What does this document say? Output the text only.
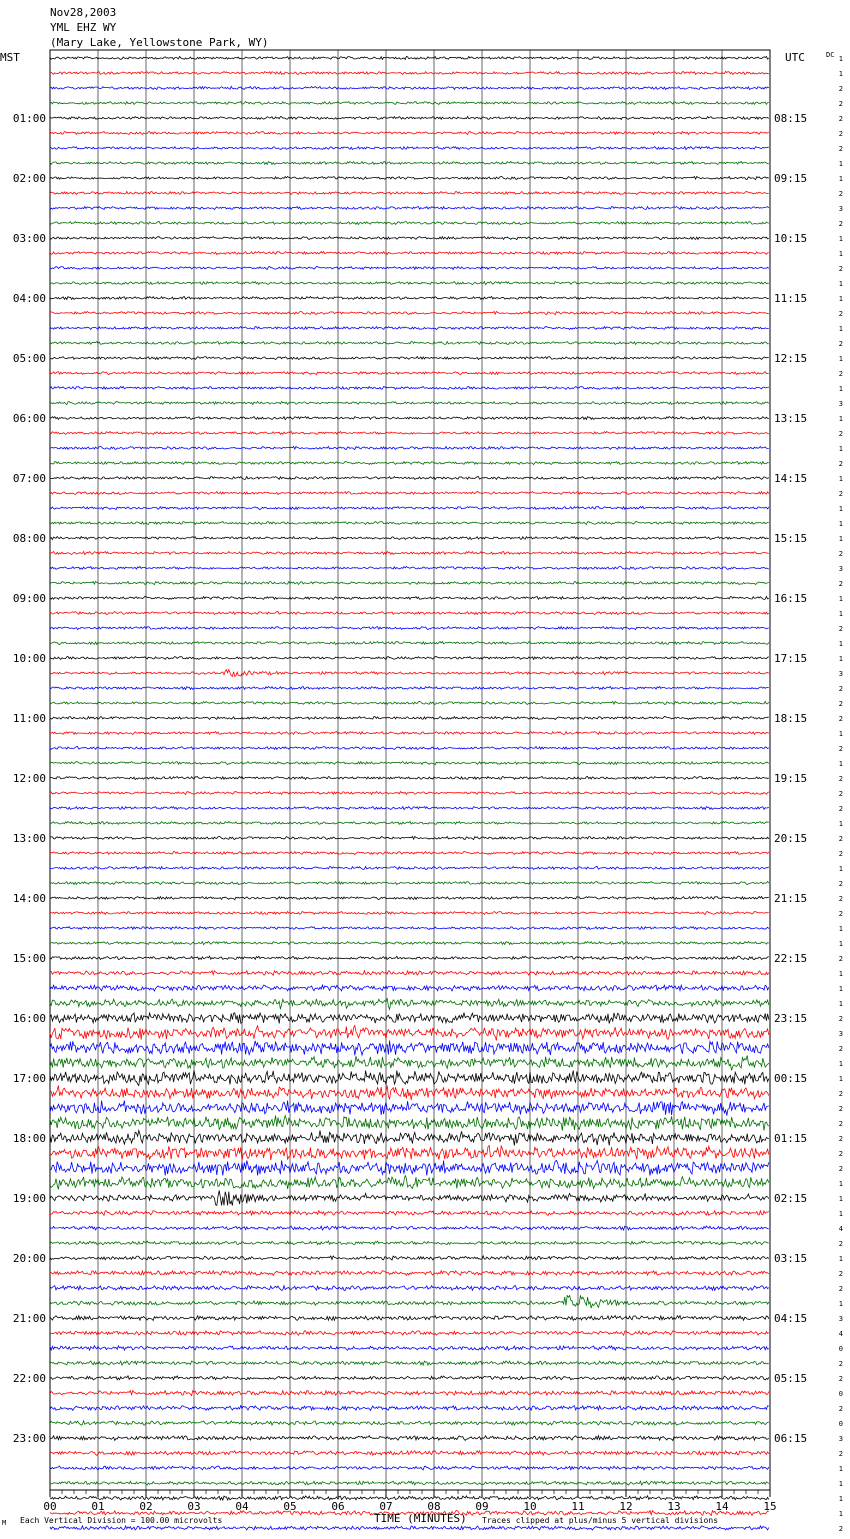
Nov28,2003
YML EHZ WY
(Mary Lake, Yellowstone Park, WY)
MST	UTC	DC
01:00
02:00
03:00
04:00
05:00
06:00
07:00
08:00
09:00
10:00
11:00
12:00
13:00
14:00
15:00
16:00
17:00
18:00
19:00
20:00
21:00
22:00
23:00
08:15
09:15
10:15
11:15
12:15
13:15
14:15
15:15
16:15
17:15
18:15
19:15
20:15
21:15
22:15
23:15
00:15
01:15
02:15
03:15
04:15
05:15
06:15
1
1
2
2
2
2
2
1
1
2
3
2
1
1
2
1
1
2
1
2
1
2
1
3
1
2
1
2
1
2
1
1
1
2
3
2
1
1
2
1
1
3
2
2
2
1
2
1
2
2
2
1
2
2
1
2
2
2
1
1
2
1
1
1
2
3
2
1
1
2
2
2
2
2
2
1
1
1
4
2
1
2
2
1
3
4
0
2
2
0
2
0
3
2
1
1
1
1
2
00	01	02	03	04	05	06	07	08	09	10	11	12	13	14	15
M Each Vertical Division = 100.00 microvolts	TIME (MINUTES) Traces clipped at plus/minus 5 vertical divisions
